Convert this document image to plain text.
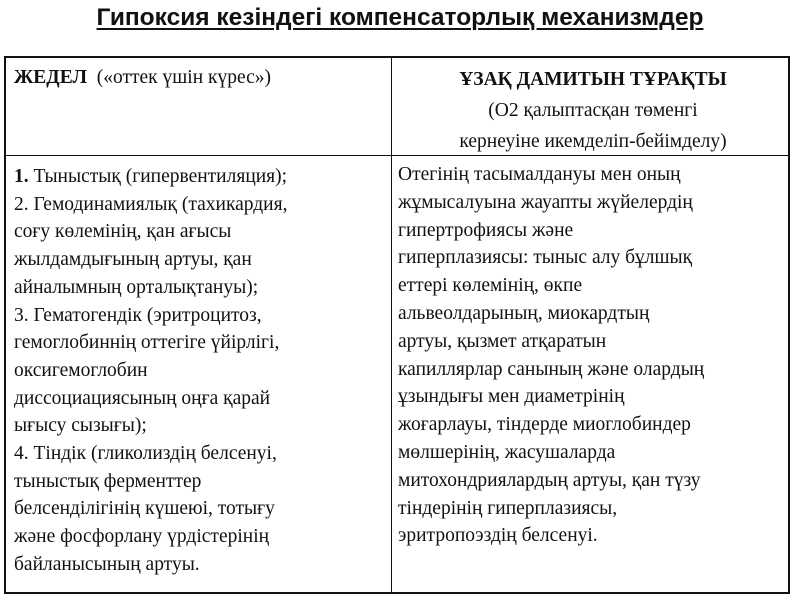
Гипоксия кезіндегі компенсаторлық механизмдер
ЖЕДЕЛ («оттек үшін күрес»)	ҰЗАҚ ДАМИТЫН ТҰРАҚТЫ
(O2 қалыптасқан төменгі
кернеуіне икемделіп-бейімделу)
1. Тыныстық (гипервентиляция);
2. Гемодинамиялық (тахикардия,
соғу көлемінің, қан ағысы
жылдамдығының артуы, қан
айналымның орталықтануы);
3. Гематогендік (эритроцитоз,
гемоглобиннің оттегіге үйірлігі,
оксигемоглобин
диссоциациясының оңға қарай
ығысу сызығы);
4. Тіндік (гликолиздің белсенуі,
тыныстық ферменттер
белсенділігінің күшеюі, тотығу
және фосфорлану үрдістерінің
байланысының артуы.
Отегінің тасымалдануы мен оның
жұмысалуына жауапты жүйелердің
гипертрофиясы және
гиперплазиясы: тыныс алу бұлшық
еттері көлемінің, өкпе
альвеолдарының, миокардтың
артуы, қызмет атқаратын
капиллярлар санының және олардың
ұзындығы мен диаметрінің
жоғарлауы, тіндерде миоглобиндер
мөлшерінің, жасушаларда
митохондриялардың артуы, қан түзу
тіндерінің гиперплазиясы,
эритропоэздің белсенуі.
